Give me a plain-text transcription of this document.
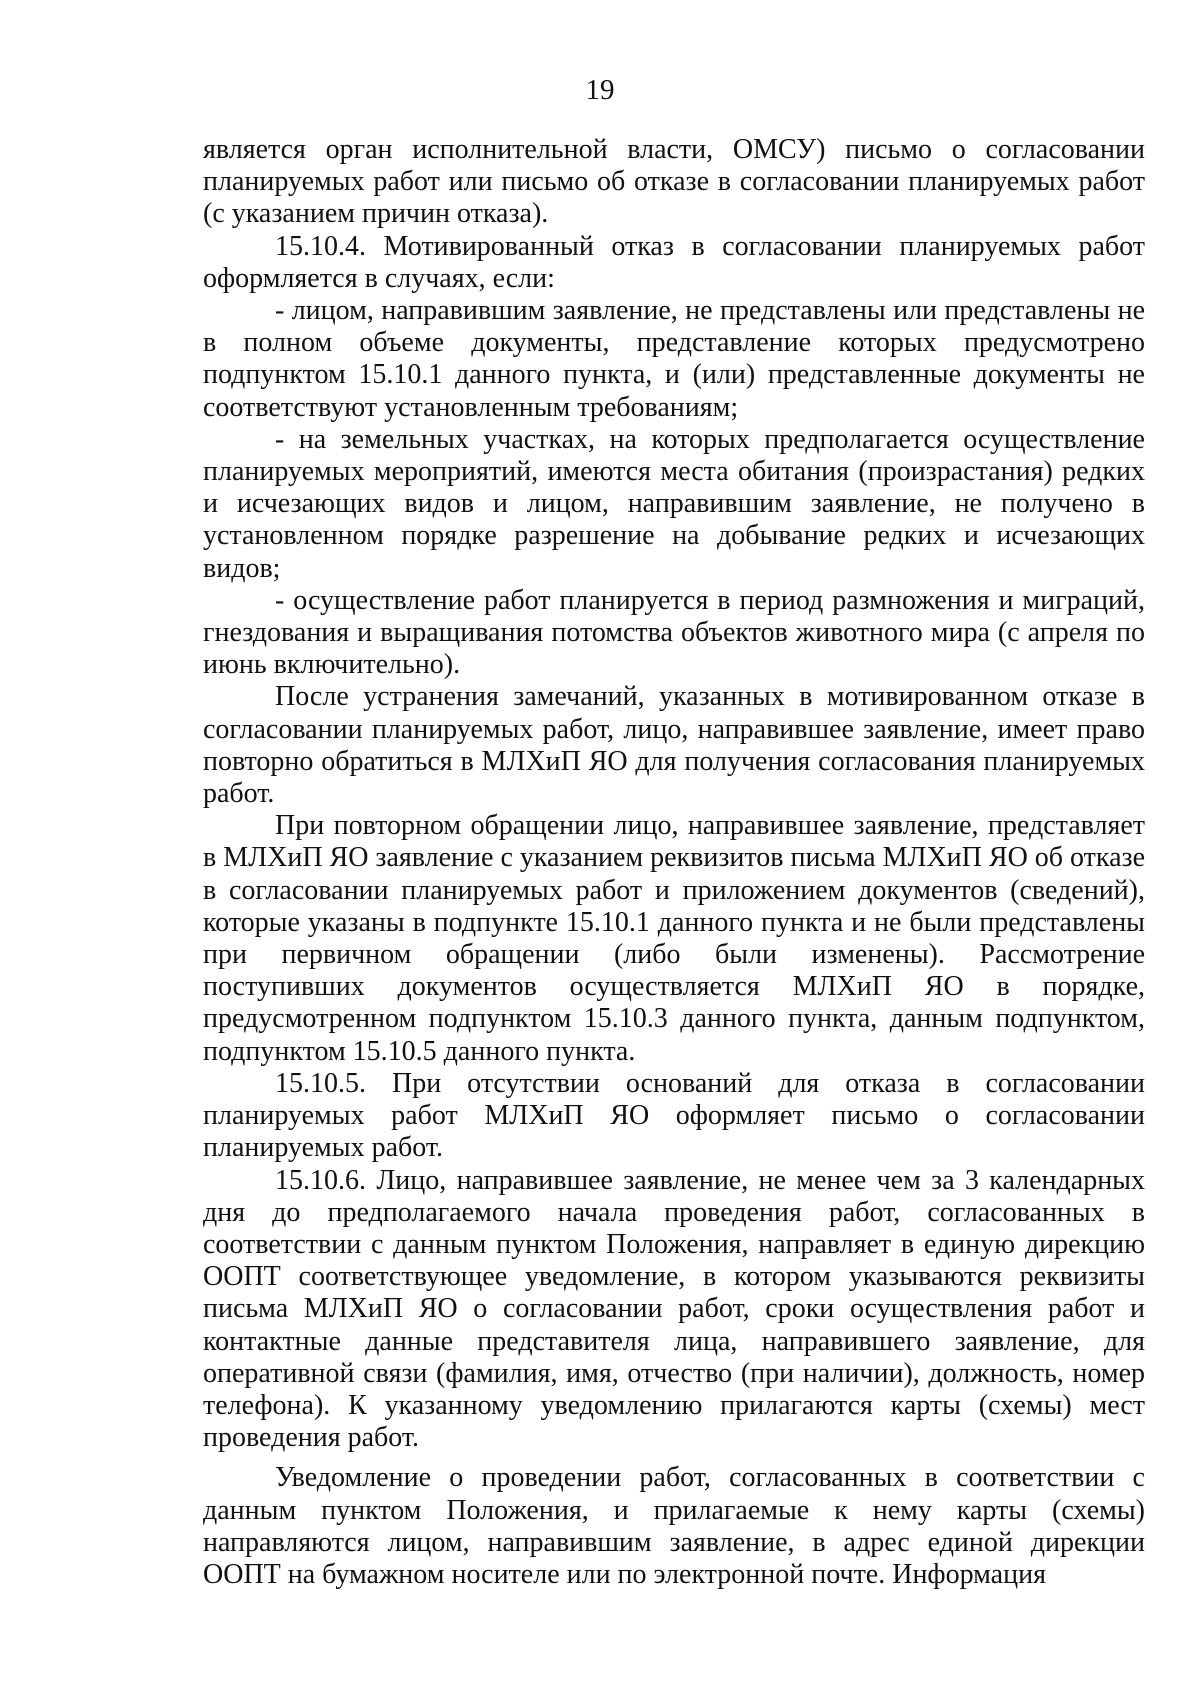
19

является орган исполнительной власти, ОМСУ) письмо о согласовании планируемых работ или письмо об отказе в согласовании планируемых работ (с указанием причин отказа).

15.10.4. Мотивированный отказ в согласовании планируемых работ оформляется в случаях, если:

- лицом, направившим заявление, не представлены или представлены не в полном объеме документы, представление которых предусмотрено подпунктом 15.10.1 данного пункта, и (или) представленные документы не соответствуют установленным требованиям;

- на земельных участках, на которых предполагается осуществление планируемых мероприятий, имеются места обитания (произрастания) редких и исчезающих видов и лицом, направившим заявление, не получено в установленном порядке разрешение на добывание редких и исчезающих видов;

- осуществление работ планируется в период размножения и миграций, гнездования и выращивания потомства объектов животного мира (с апреля по июнь включительно).

После устранения замечаний, указанных в мотивированном отказе в согласовании планируемых работ, лицо, направившее заявление, имеет право повторно обратиться в МЛХиП ЯО для получения согласования планируемых работ.

При повторном обращении лицо, направившее заявление, представляет в МЛХиП ЯО заявление с указанием реквизитов письма МЛХиП ЯО об отказе в согласовании планируемых работ и приложением документов (сведений), которые указаны в подпункте 15.10.1 данного пункта и не были представлены при первичном обращении (либо были изменены). Рассмотрение поступивших документов осуществляется МЛХиП ЯО в порядке, предусмотренном подпунктом 15.10.3 данного пункта, данным подпунктом, подпунктом 15.10.5 данного пункта.

15.10.5. При отсутствии оснований для отказа в согласовании планируемых работ МЛХиП ЯО оформляет письмо о согласовании планируемых работ.

15.10.6. Лицо, направившее заявление, не менее чем за 3 календарных дня до предполагаемого начала проведения работ, согласованных в соответствии с данным пунктом Положения, направляет в единую дирекцию ООПТ соответствующее уведомление, в котором указываются реквизиты письма МЛХиП ЯО о согласовании работ, сроки осуществления работ и контактные данные представителя лица, направившего заявление, для оперативной связи (фамилия, имя, отчество (при наличии), должность, номер телефона). К указанному уведомлению прилагаются карты (схемы) мест проведения работ.

Уведомление о проведении работ, согласованных в соответствии с данным пунктом Положения, и прилагаемые к нему карты (схемы) направляются лицом, направившим заявление, в адрес единой дирекции ООПТ на бумажном носителе или по электронной почте. Информация
